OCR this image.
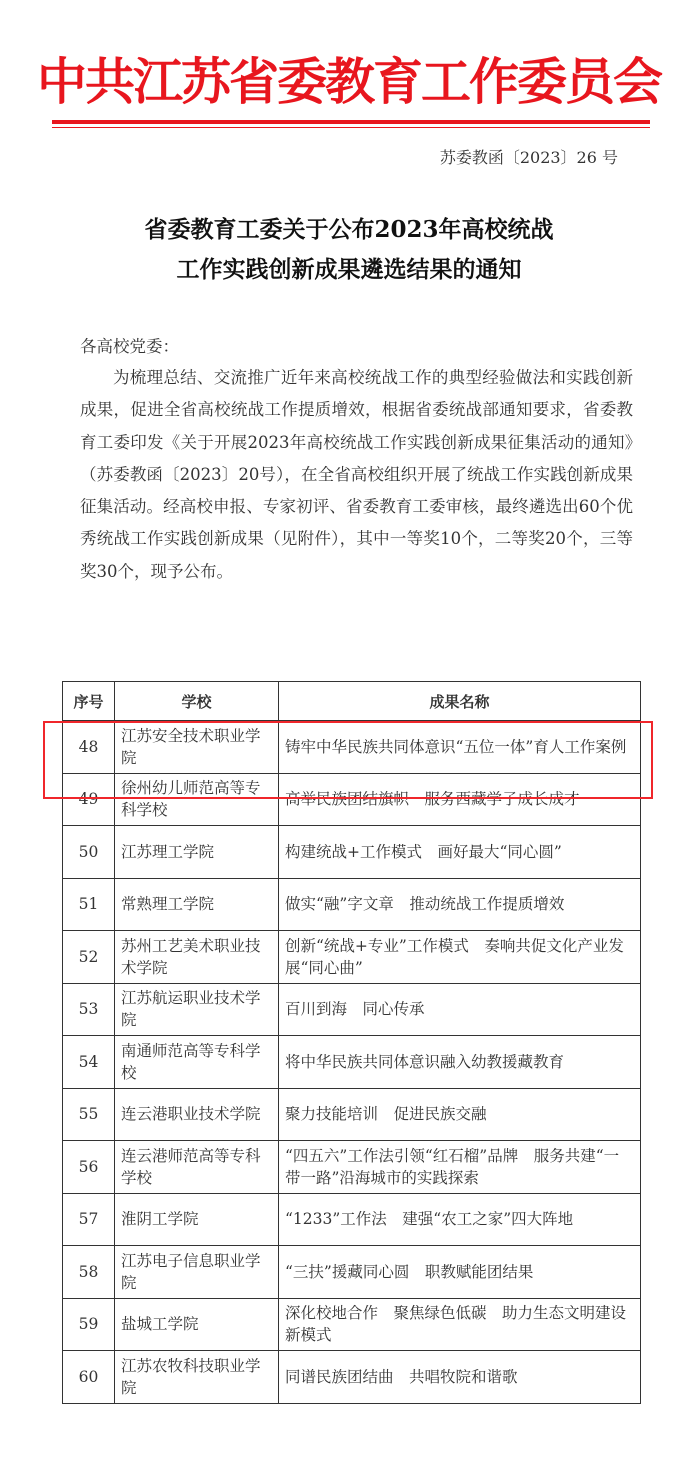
中共江苏省委教育工作委员会
苏委教函〔2023〕26 号
省委教育工委关于公布2023年高校统战
工作实践创新成果遴选结果的通知
各高校党委：
为梳理总结、交流推广近年来高校统战工作的典型经验做法和实践创新成果，促进全省高校统战工作提质增效，根据省委统战部通知要求，省委教育工委印发《关于开展2023年高校统战工作实践创新成果征集活动的通知》（苏委教函〔2023〕20号），在全省高校组织开展了统战工作实践创新成果征集活动。经高校申报、专家初评、省委教育工委审核，最终遴选出60个优秀统战工作实践创新成果（见附件），其中一等奖10个，二等奖20个，三等奖30个，现予公布。
序号	学校	成果名称
48	江苏安全技术职业学院	铸牢中华民族共同体意识“五位一体”育人工作案例
49	徐州幼儿师范高等专科学校	高举民族团结旗帜　服务西藏学子成长成才
50	江苏理工学院	构建统战+工作模式　画好最大“同心圆”
51	常熟理工学院	做实“融”字文章　推动统战工作提质增效
52	苏州工艺美术职业技术学院	创新“统战+专业”工作模式　奏响共促文化产业发展“同心曲”
53	江苏航运职业技术学院	百川到海　同心传承
54	南通师范高等专科学校	将中华民族共同体意识融入幼教援藏教育
55	连云港职业技术学院	聚力技能培训　促进民族交融
56	连云港师范高等专科学校	“四五六”工作法引领“红石榴”品牌　服务共建“一带一路”沿海城市的实践探索
57	淮阴工学院	“1233”工作法　建强“农工之家”四大阵地
58	江苏电子信息职业学院	“三扶”援藏同心圆　职教赋能团结果
59	盐城工学院	深化校地合作　聚焦绿色低碳　助力生态文明建设新模式
60	江苏农牧科技职业学院	同谱民族团结曲　共唱牧院和谐歌
